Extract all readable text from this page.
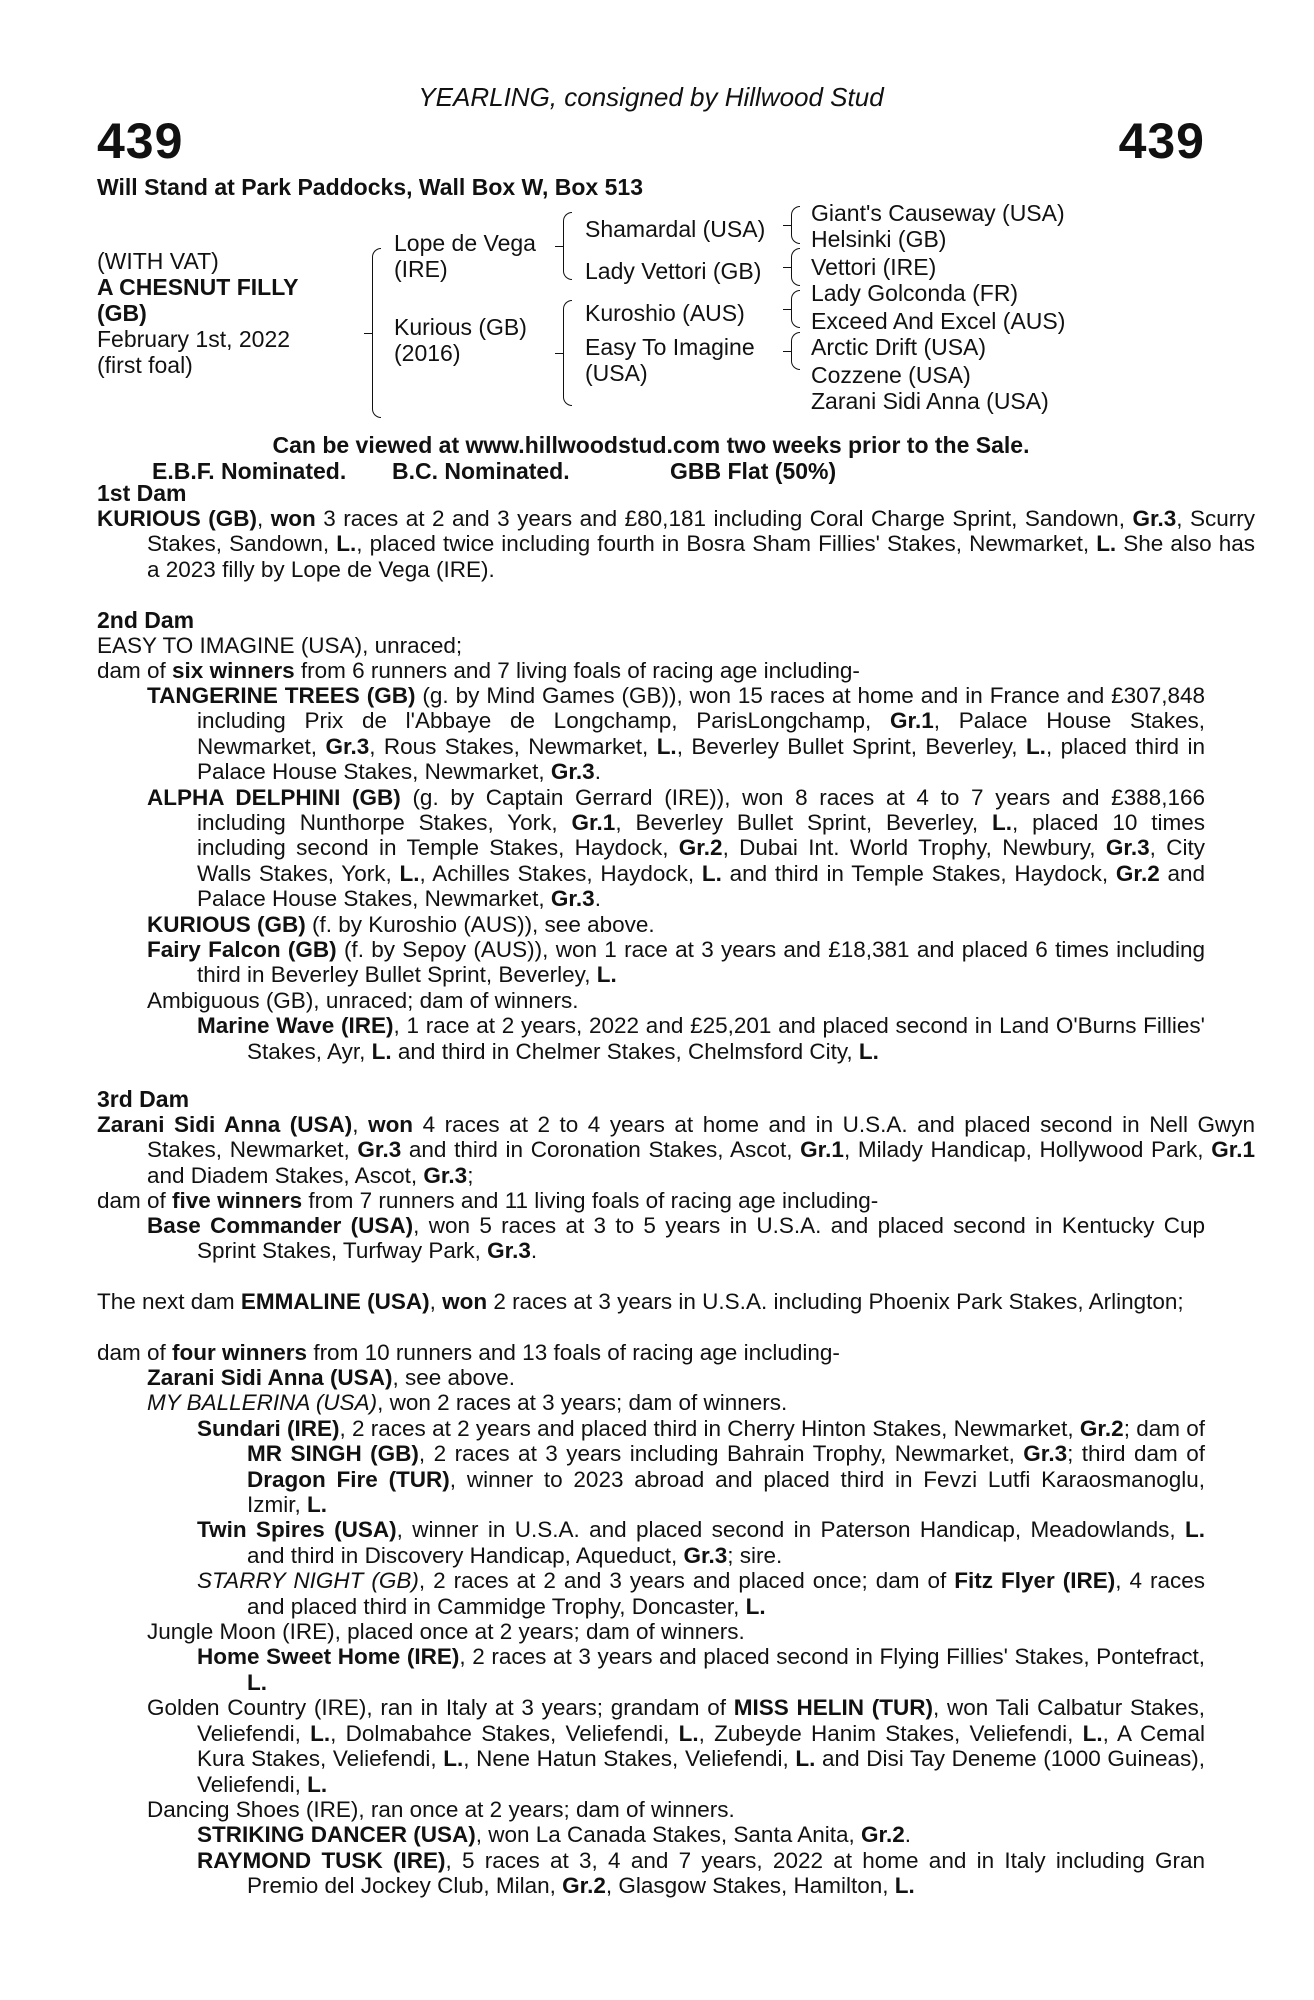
YEARLING, consigned by Hillwood Stud
439	439
Will Stand at Park Paddocks, Wall Box W, Box 513
(WITH VAT)
A CHESNUT FILLY
(GB)
February 1st, 2022
(first foal)
Lope de Vega
(IRE)
Kurious (GB)
(2016)
Shamardal (USA)
Lady Vettori (GB)
Kuroshio (AUS)
Easy To Imagine
(USA)
Giant's Causeway (USA)
Helsinki (GB)
Vettori (IRE)
Lady Golconda (FR)
Exceed And Excel (AUS)
Arctic Drift (USA)
Cozzene (USA)
Zarani Sidi Anna (USA)
Can be viewed at www.hillwoodstud.com two weeks prior to the Sale.
E.B.F. Nominated. B.C. Nominated.	GBB Flat (50%)
1st Dam
KURIOUS (GB), won 3 races at 2 and 3 years and £80,181 including Coral Charge Sprint, Sandown, Gr.3, Scurry Stakes, Sandown, L., placed twice including fourth in Bosra Sham Fillies' Stakes, Newmarket, L. She also has a 2023 filly by Lope de Vega (IRE).
2nd Dam
EASY TO IMAGINE (USA), unraced;
dam of six winners from 6 runners and 7 living foals of racing age including-
TANGERINE TREES (GB) (g. by Mind Games (GB)), won 15 races at home and in France and £307,848 including Prix de l'Abbaye de Longchamp, ParisLongchamp, Gr.1, Palace House Stakes, Newmarket, Gr.3, Rous Stakes, Newmarket, L., Beverley Bullet Sprint, Beverley, L., placed third in Palace House Stakes, Newmarket, Gr.3.
ALPHA DELPHINI (GB) (g. by Captain Gerrard (IRE)), won 8 races at 4 to 7 years and £388,166 including Nunthorpe Stakes, York, Gr.1, Beverley Bullet Sprint, Beverley, L., placed 10 times including second in Temple Stakes, Haydock, Gr.2, Dubai Int. World Trophy, Newbury, Gr.3, City Walls Stakes, York, L., Achilles Stakes, Haydock, L. and third in Temple Stakes, Haydock, Gr.2 and Palace House Stakes, Newmarket, Gr.3.
KURIOUS (GB) (f. by Kuroshio (AUS)), see above.
Fairy Falcon (GB) (f. by Sepoy (AUS)), won 1 race at 3 years and £18,381 and placed 6 times including third in Beverley Bullet Sprint, Beverley, L.
Ambiguous (GB), unraced; dam of winners.
Marine Wave (IRE), 1 race at 2 years, 2022 and £25,201 and placed second in Land O'Burns Fillies' Stakes, Ayr, L. and third in Chelmer Stakes, Chelmsford City, L.
3rd Dam
Zarani Sidi Anna (USA), won 4 races at 2 to 4 years at home and in U.S.A. and placed second in Nell Gwyn Stakes, Newmarket, Gr.3 and third in Coronation Stakes, Ascot, Gr.1, Milady Handicap, Hollywood Park, Gr.1 and Diadem Stakes, Ascot, Gr.3;
dam of five winners from 7 runners and 11 living foals of racing age including-
Base Commander (USA), won 5 races at 3 to 5 years in U.S.A. and placed second in Kentucky Cup Sprint Stakes, Turfway Park, Gr.3.
The next dam EMMALINE (USA), won 2 races at 3 years in U.S.A. including Phoenix Park Stakes, Arlington;
dam of four winners from 10 runners and 13 foals of racing age including-
Zarani Sidi Anna (USA), see above.
MY BALLERINA (USA), won 2 races at 3 years; dam of winners.
Sundari (IRE), 2 races at 2 years and placed third in Cherry Hinton Stakes, Newmarket, Gr.2; dam of MR SINGH (GB), 2 races at 3 years including Bahrain Trophy, Newmarket, Gr.3; third dam of Dragon Fire (TUR), winner to 2023 abroad and placed third in Fevzi Lutfi Karaosmanoglu, Izmir, L.
Twin Spires (USA), winner in U.S.A. and placed second in Paterson Handicap, Meadowlands, L. and third in Discovery Handicap, Aqueduct, Gr.3; sire.
STARRY NIGHT (GB), 2 races at 2 and 3 years and placed once; dam of Fitz Flyer (IRE), 4 races and placed third in Cammidge Trophy, Doncaster, L.
Jungle Moon (IRE), placed once at 2 years; dam of winners.
Home Sweet Home (IRE), 2 races at 3 years and placed second in Flying Fillies' Stakes, Pontefract, L.
Golden Country (IRE), ran in Italy at 3 years; grandam of MISS HELIN (TUR), won Tali Calbatur Stakes, Veliefendi, L., Dolmabahce Stakes, Veliefendi, L., Zubeyde Hanim Stakes, Veliefendi, L., A Cemal Kura Stakes, Veliefendi, L., Nene Hatun Stakes, Veliefendi, L. and Disi Tay Deneme (1000 Guineas), Veliefendi, L.
Dancing Shoes (IRE), ran once at 2 years; dam of winners.
STRIKING DANCER (USA), won La Canada Stakes, Santa Anita, Gr.2.
RAYMOND TUSK (IRE), 5 races at 3, 4 and 7 years, 2022 at home and in Italy including Gran Premio del Jockey Club, Milan, Gr.2, Glasgow Stakes, Hamilton, L.
